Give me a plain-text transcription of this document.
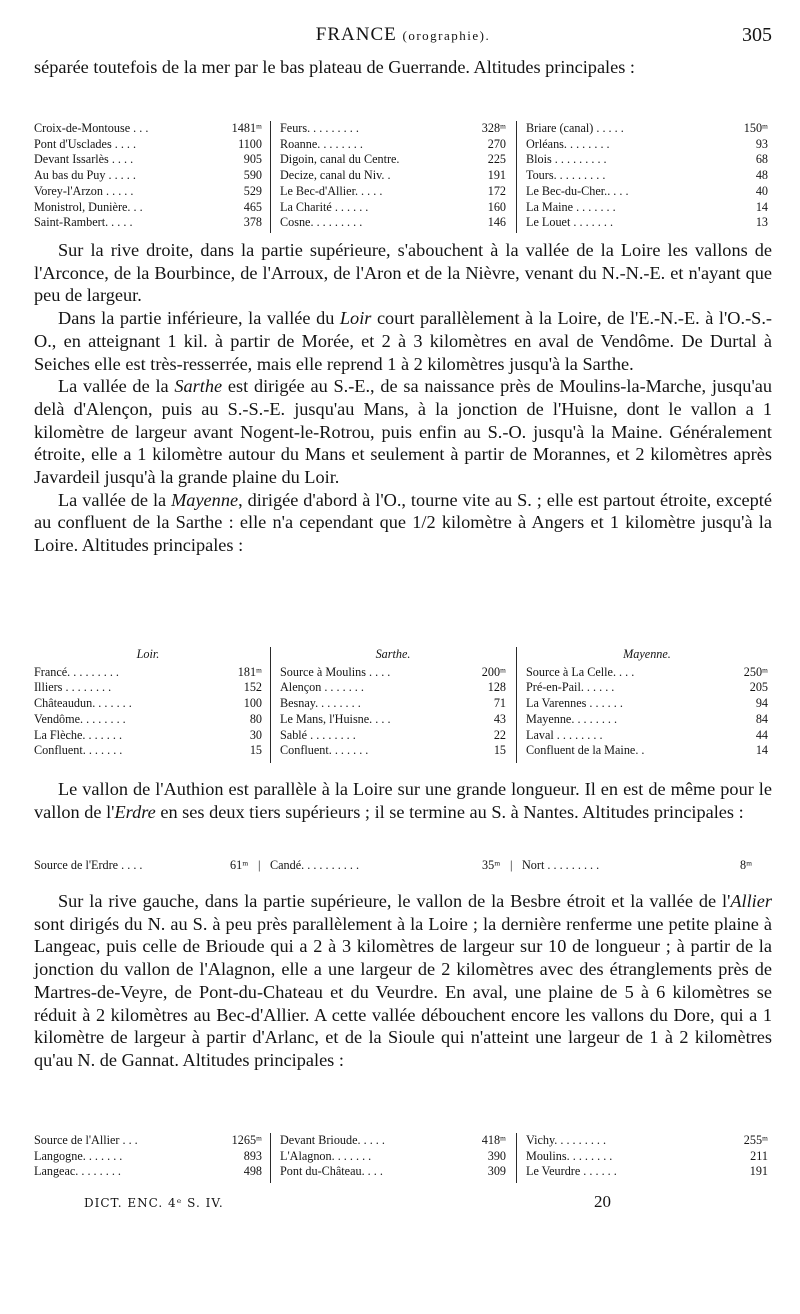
FRANCE (orographie).	305

séparée toutefois de la mer par le bas plateau de Guerrande. Altitudes principales :

Croix-de-Montouse . . .	1481ᵐ
Pont d'Usclades . . . .	1100
Devant Issarlès . . . .	905
Au bas du Puy . . . . .	590
Vorey-l'Arzon . . . . .	529
Monistrol, Dunière. . .	465
Saint-Rambert. . . . .	378
Feurs. . . . . . . . .	328ᵐ
Roanne. . . . . . . .	270
Digoin, canal du Centre.	225
Decize, canal du Niv. .	191
Le Bec-d'Allier. . . . .	172
La Charité . . . . . .	160
Cosne. . . . . . . . .	146
Briare (canal) . . . . .	150ᵐ
Orléans. . . . . . . .	93
Blois . . . . . . . . .	68
Tours. . . . . . . . .	48
Le Bec-du-Cher.. . . .	40
La Maine . . . . . . .	14
Le Louet . . . . . . .	13

Sur la rive droite, dans la partie supérieure, s'abouchent à la vallée de la Loire les vallons de l'Arconce, de la Bourbince, de l'Arroux, de l'Aron et de la Nièvre, venant du N.-N.-E. et n'ayant que peu de largeur.

Dans la partie inférieure, la vallée du Loir court parallèlement à la Loire, de l'E.-N.-E. à l'O.-S.-O., en atteignant 1 kil. à partir de Morée, et 2 à 3 kilomètres en aval de Vendôme. De Durtal à Seiches elle est très-resserrée, mais elle reprend 1 à 2 kilomètres jusqu'à la Sarthe.

La vallée de la Sarthe est dirigée au S.-E., de sa naissance près de Moulins-la-Marche, jusqu'au delà d'Alençon, puis au S.-S.-E. jusqu'au Mans, à la jonction de l'Huisne, dont le vallon a 1 kilomètre de largeur avant Nogent-le-Rotrou, puis enfin au S.-O. jusqu'à la Maine. Généralement étroite, elle a 1 kilomètre autour du Mans et seulement à partir de Morannes, et 2 kilomètres après Javardeil jusqu'à la grande plaine du Loir.

La vallée de la Mayenne, dirigée d'abord à l'O., tourne vite au S. ; elle est partout étroite, excepté au confluent de la Sarthe : elle n'a cependant que 1/2 kilomètre à Angers et 1 kilomètre jusqu'à la Loire. Altitudes principales :

Loir.
Francé. . . . . . . . .	181ᵐ
Illiers . . . . . . . .	152
Châteaudun. . . . . . .	100
Vendôme. . . . . . . .	80
La Flèche. . . . . . .	30
Confluent. . . . . . .	15
Sarthe.
Source à Moulins . . . .	200ᵐ
Alençon . . . . . . .	128
Besnay. . . . . . . .	71
Le Mans, l'Huisne. . . .	43
Sablé . . . . . . . .	22
Confluent. . . . . . .	15
Mayenne.
Source à La Celle. . . .	250ᵐ
Pré-en-Pail. . . . . .	205
La Varennes . . . . . .	94
Mayenne. . . . . . . .	84
Laval . . . . . . . .	44
Confluent de la Maine. .	14

Le vallon de l'Authion est parallèle à la Loire sur une grande longueur. Il en est de même pour le vallon de l'Erdre en ses deux tiers supérieurs ; il se termine au S. à Nantes. Altitudes principales :

Source de l'Erdre . . . .	61ᵐ | Candé. . . . . . . . . .	35ᵐ | Nort . . . . . . . . .	8ᵐ

Sur la rive gauche, dans la partie supérieure, le vallon de la Besbre étroit et la vallée de l'Allier sont dirigés du N. au S. à peu près parallèlement à la Loire ; la dernière renferme une petite plaine à Langeac, puis celle de Brioude qui a 2 à 3 kilomètres de largeur sur 10 de longueur ; à partir de la jonction du vallon de l'Alagnon, elle a une largeur de 2 kilomètres avec des étranglements près de Martres-de-Veyre, de Pont-du-Chateau et du Veurdre. En aval, une plaine de 5 à 6 kilomètres se réduit à 2 kilomètres au Bec-d'Allier. A cette vallée débouchent encore les vallons du Dore, qui a 1 kilomètre de largeur à partir d'Arlanc, et de la Sioule qui n'atteint une largeur de 1 à 2 kilomètres qu'au N. de Gannat. Altitudes principales :

Source de l'Allier . . .	1265ᵐ
Langogne. . . . . . .	893
Langeac. . . . . . . .	498
Devant Brioude. . . . .	418ᵐ
L'Alagnon. . . . . . .	390
Pont du-Château. . . .	309
Vichy. . . . . . . . .	255ᵐ
Moulins. . . . . . . .	211
Le Veurdre . . . . . .	191
DICT. ENC. 4ᵉ S. IV.	20
